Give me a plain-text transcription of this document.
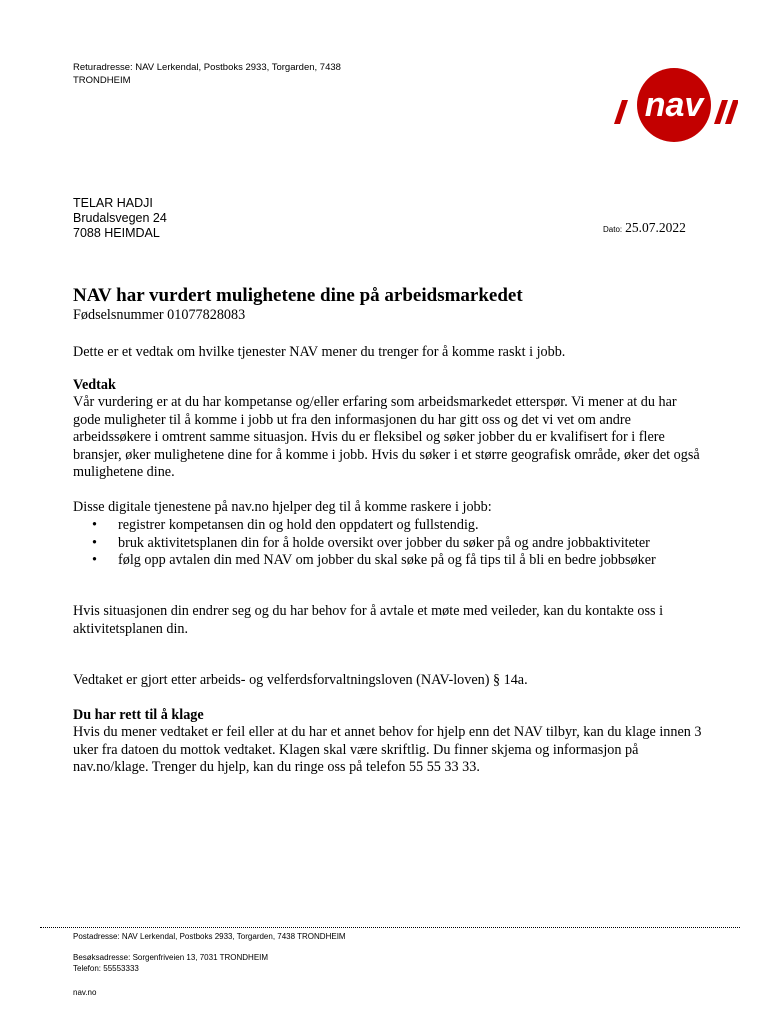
Returadresse: NAV Lerkendal, Postboks 2933, Torgarden, 7438
TRONDHEIM
nav
TELAR HADJI
Brudalsvegen 24
7088 HEIMDAL	Dato: 25.07.2022
NAV har vurdert mulighetene dine på arbeidsmarkedet

Fødselsnummer 01077828083

Dette er et vedtak om hvilke tjenester NAV mener du trenger for å komme raskt i jobb.

Vedtak

Vår vurdering er at du har kompetanse og/eller erfaring som arbeidsmarkedet etterspør. Vi mener at du har gode muligheter til å komme i jobb ut fra den informasjonen du har gitt oss og det vi vet om andre arbeidssøkere i omtrent samme situasjon. Hvis du er fleksibel og søker jobber du er kvalifisert for i flere bransjer, øker mulighetene dine for å komme i jobb. Hvis du søker i et større geografisk område, øker det også mulighetene dine.

Disse digitale tjenestene på nav.no hjelper deg til å komme raskere i jobb:

• registrer kompetansen din og hold den oppdatert og fullstendig.
• bruk aktivitetsplanen din for å holde oversikt over jobber du søker på og andre jobbaktiviteter
• følg opp avtalen din med NAV om jobber du skal søke på og få tips til å bli en bedre jobbsøker

Hvis situasjonen din endrer seg og du har behov for å avtale et møte med veileder, kan du kontakte oss i aktivitetsplanen din.

Vedtaket er gjort etter arbeids- og velferdsforvaltningsloven (NAV-loven) § 14a.

Du har rett til å klage

Hvis du mener vedtaket er feil eller at du har et annet behov for hjelp enn det NAV tilbyr, kan du klage innen 3 uker fra datoen du mottok vedtaket. Klagen skal være skriftlig. Du finner skjema og informasjon på nav.no/klage. Trenger du hjelp, kan du ringe oss på telefon 55 55 33 33.

Postadresse: NAV Lerkendal, Postboks 2933, Torgarden, 7438 TRONDHEIM
Besøksadresse: Sorgenfriveien 13, 7031 TRONDHEIM
Telefon: 55553333
nav.no
